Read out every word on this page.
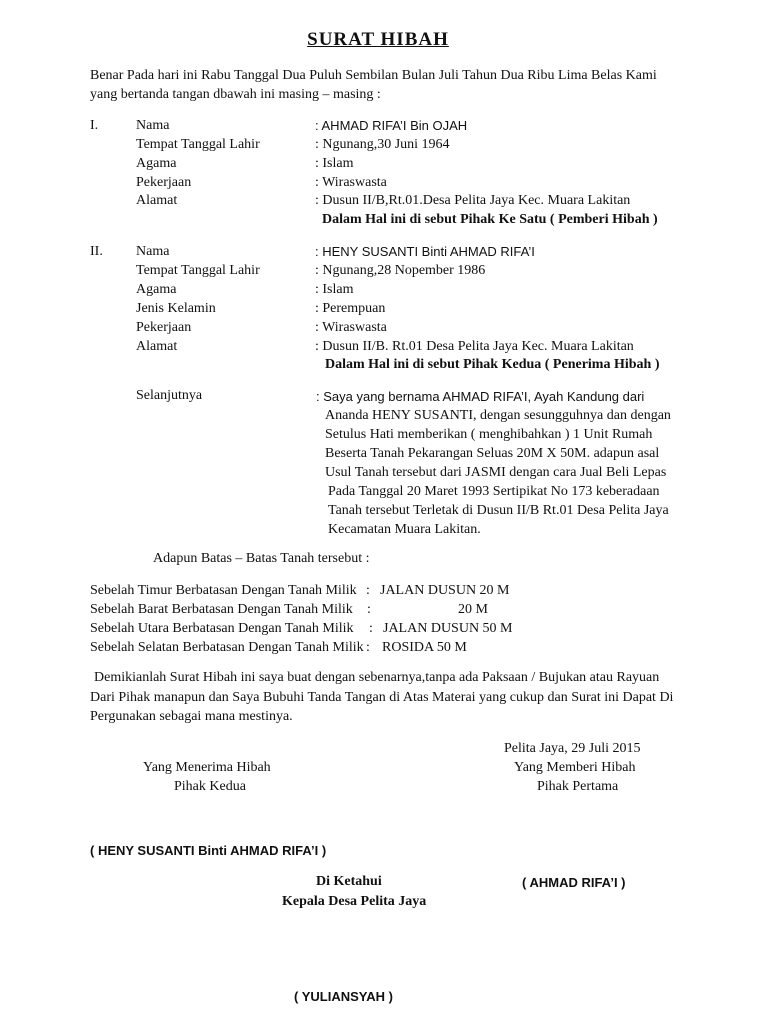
SURAT HIBAH
Benar Pada hari ini Rabu Tanggal Dua Puluh Sembilan Bulan Juli Tahun Dua Ribu Lima Belas Kami
yang bertanda tangan dbawah ini masing – masing :
I.	Nama	: AHMAD RIFA’I Bin OJAH
Tempat Tanggal Lahir	: Ngunang,30 Juni 1964
Agama	: Islam
Pekerjaan	: Wiraswasta
Alamat	: Dusun II/B,Rt.01.Desa Pelita Jaya Kec. Muara Lakitan
Dalam Hal ini di sebut Pihak Ke Satu ( Pemberi Hibah )
II. Nama	: HENY SUSANTI Binti AHMAD RIFA’I
Tempat Tanggal Lahir	: Ngunang,28 Nopember 1986
Agama	: Islam
Jenis Kelamin	: Perempuan
Pekerjaan	: Wiraswasta
Alamat	: Dusun II/B. Rt.01 Desa Pelita Jaya Kec. Muara Lakitan
Dalam Hal ini di sebut Pihak Kedua ( Penerima Hibah )
Selanjutnya	: Saya yang bernama AHMAD RIFA’I, Ayah Kandung dari
Ananda HENY SUSANTI, dengan sesungguhnya dan dengan
Setulus Hati memberikan ( menghibahkan ) 1 Unit Rumah
Beserta Tanah Pekarangan Seluas 20M X 50M. adapun asal
Usul Tanah tersebut dari JASMI dengan cara Jual Beli Lepas
Pada Tanggal 20 Maret 1993 Sertipikat No 173 keberadaan
Tanah tersebut Terletak di Dusun II/B Rt.01 Desa Pelita Jaya
Kecamatan Muara Lakitan.
Adapun Batas – Batas Tanah tersebut :
Sebelah Timur Berbatasan Dengan Tanah Milik : JALAN DUSUN 20 M
Sebelah Barat Berbatasan Dengan Tanah Milik :	20 M
Sebelah Utara Berbatasan Dengan Tanah Milik : JALAN DUSUN 50 M
Sebelah Selatan Berbatasan Dengan Tanah Milik : ROSIDA 50 M
Demikianlah Surat Hibah ini saya buat dengan sebenarnya,tanpa ada Paksaan / Bujukan atau Rayuan
Dari Pihak manapun dan Saya Bubuhi Tanda Tangan di Atas Materai yang cukup dan Surat ini Dapat Di
Pergunakan sebagai mana mestinya.
Pelita Jaya, 29 Juli 2015
Yang Menerima Hibah
Pihak Kedua
Yang Memberi Hibah
Pihak Pertama
( HENY SUSANTI Binti AHMAD RIFA’I )
Di Ketahui
Kepala Desa Pelita Jaya
( AHMAD RIFA’I )
( YULIANSYAH )
